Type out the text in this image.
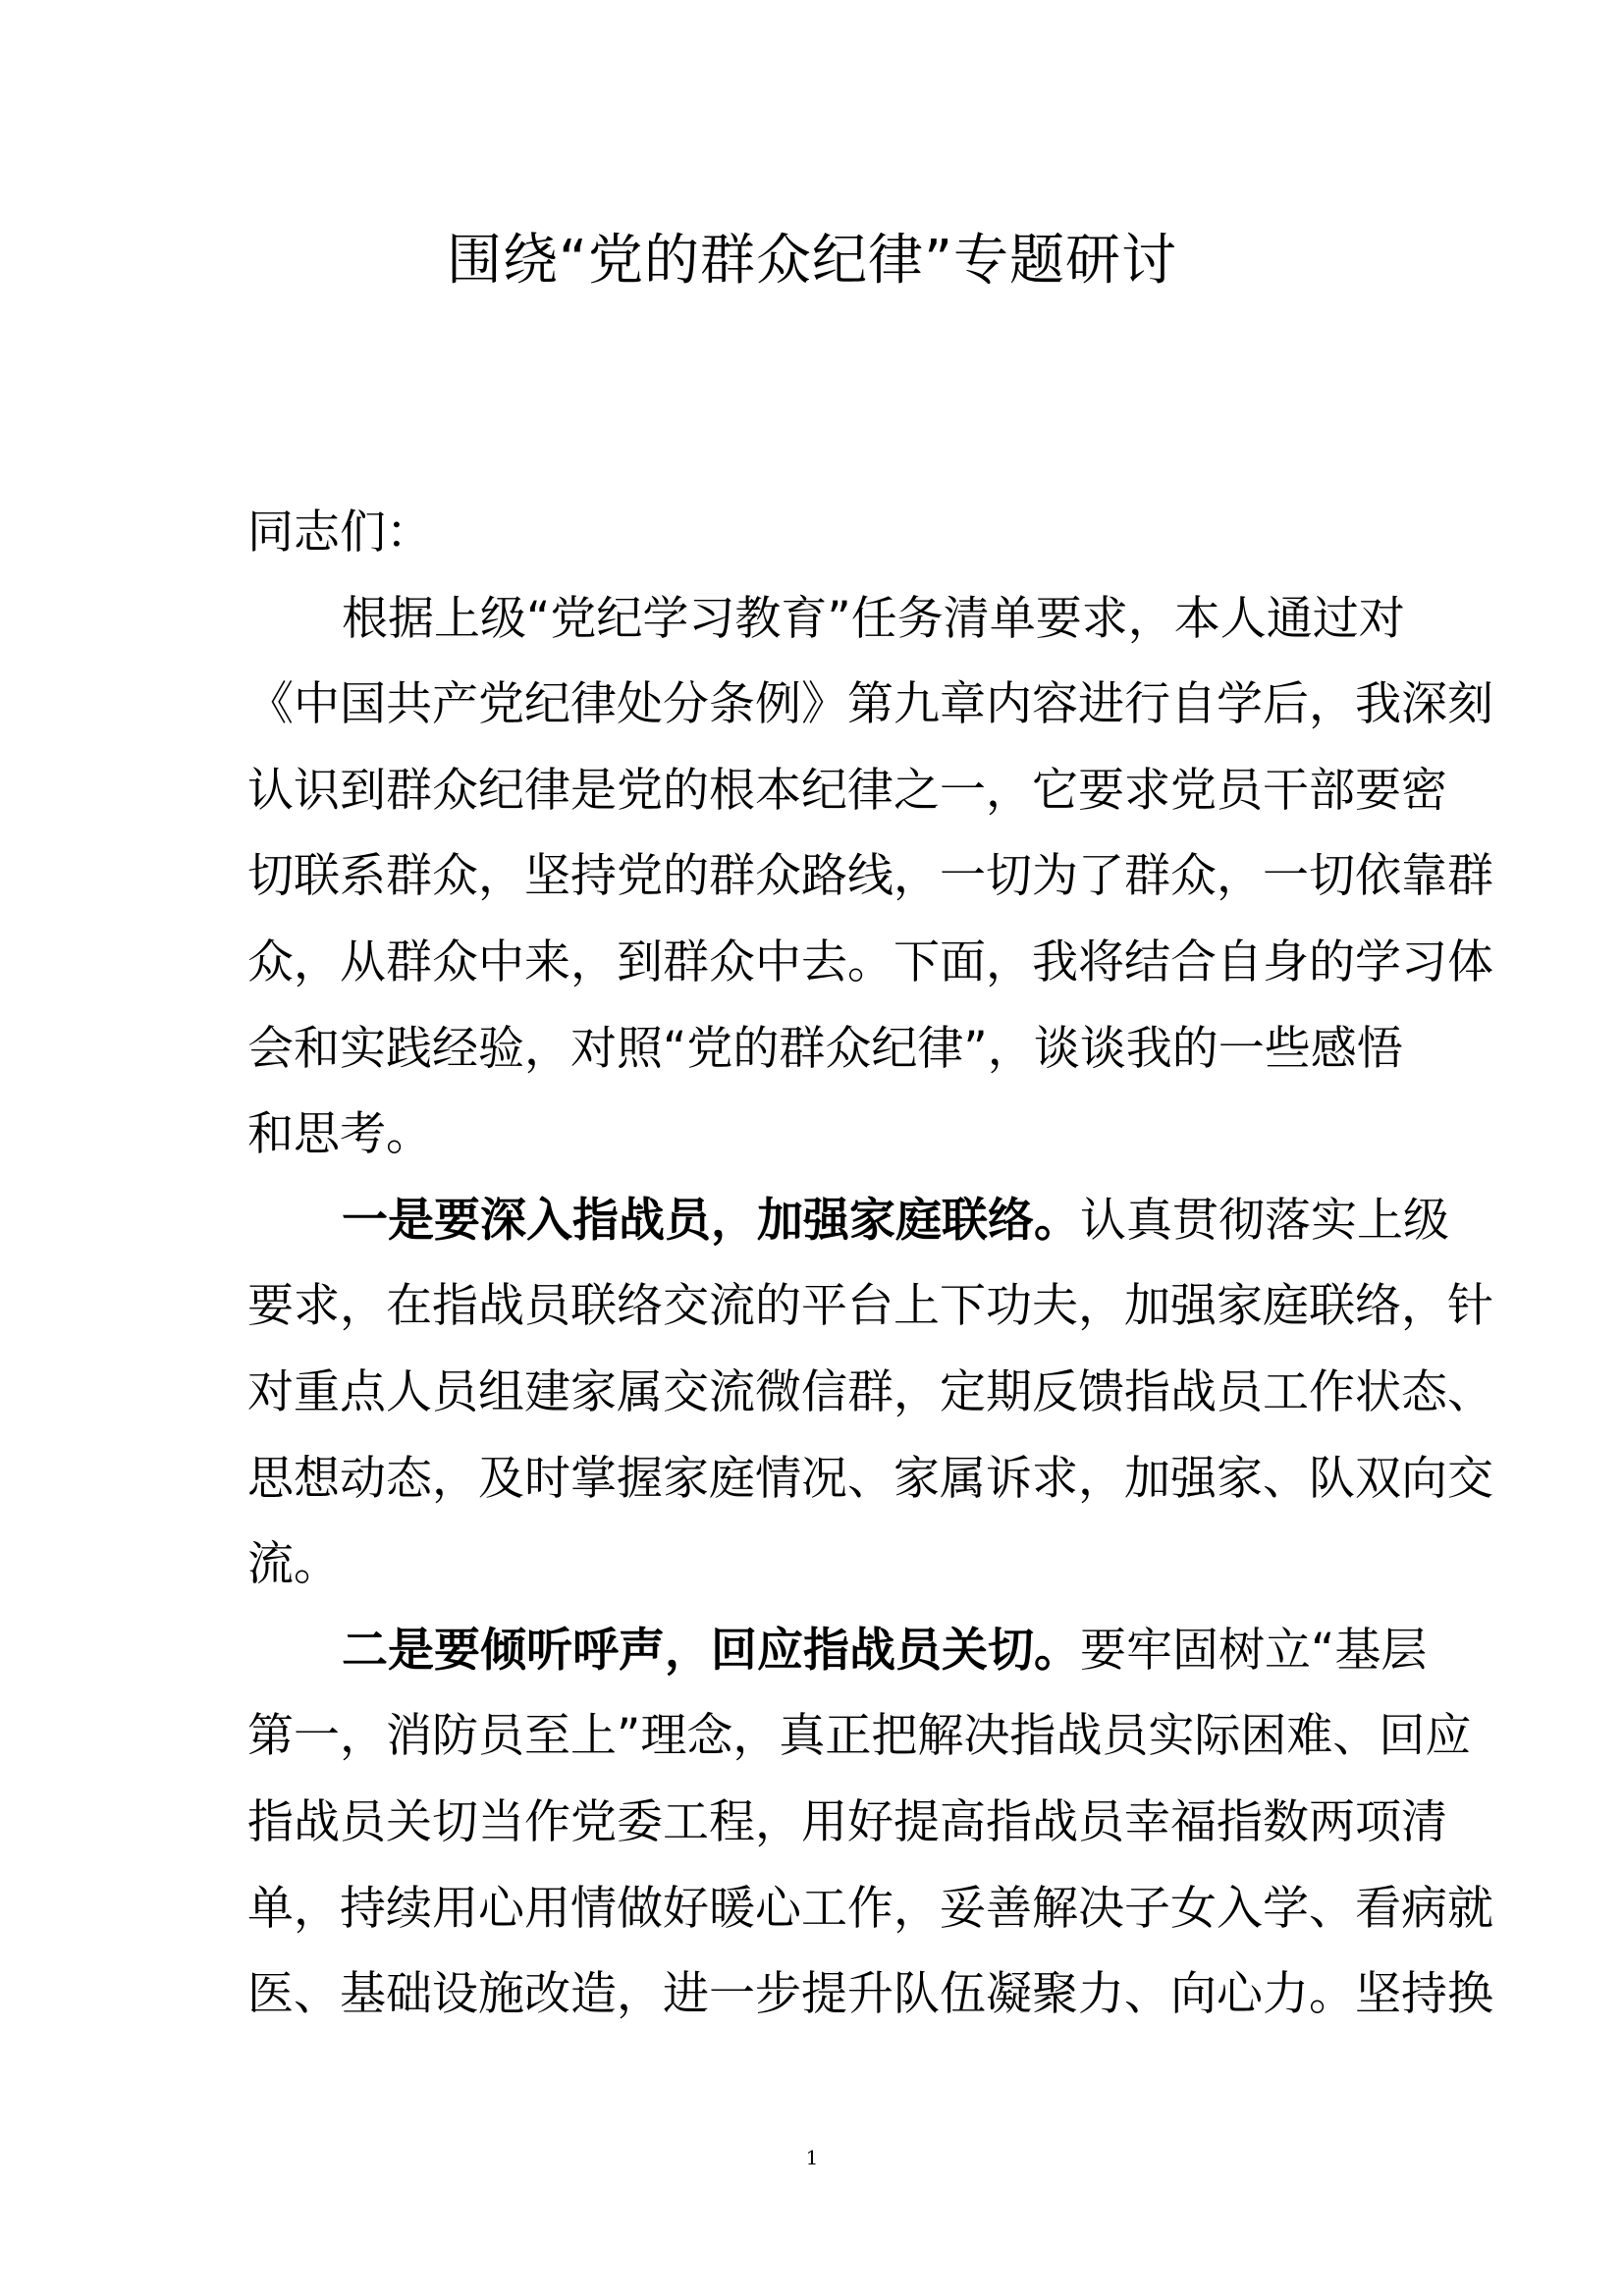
围绕“党的群众纪律”专题研讨
同志们：
根据上级“党纪学习教育”任务清单要求，本人通过对
《中国共产党纪律处分条例》第九章内容进行自学后，我深刻
认识到群众纪律是党的根本纪律之一，它要求党员干部要密
切联系群众，坚持党的群众路线，一切为了群众，一切依靠群
众，从群众中来，到群众中去。下面，我将结合自身的学习体
会和实践经验，对照“党的群众纪律”，谈谈我的一些感悟
和思考。
一是要深入指战员，加强家庭联络。认真贯彻落实上级
要求，在指战员联络交流的平台上下功夫，加强家庭联络，针
对重点人员组建家属交流微信群，定期反馈指战员工作状态、
思想动态，及时掌握家庭情况、家属诉求，加强家、队双向交
流。
二是要倾听呼声，回应指战员关切。要牢固树立“基层
第一，消防员至上”理念，真正把解决指战员实际困难、回应
指战员关切当作党委工程，用好提高指战员幸福指数两项清
单，持续用心用情做好暖心工作，妥善解决子女入学、看病就
医、基础设施改造，进一步提升队伍凝聚力、向心力。坚持换
1
